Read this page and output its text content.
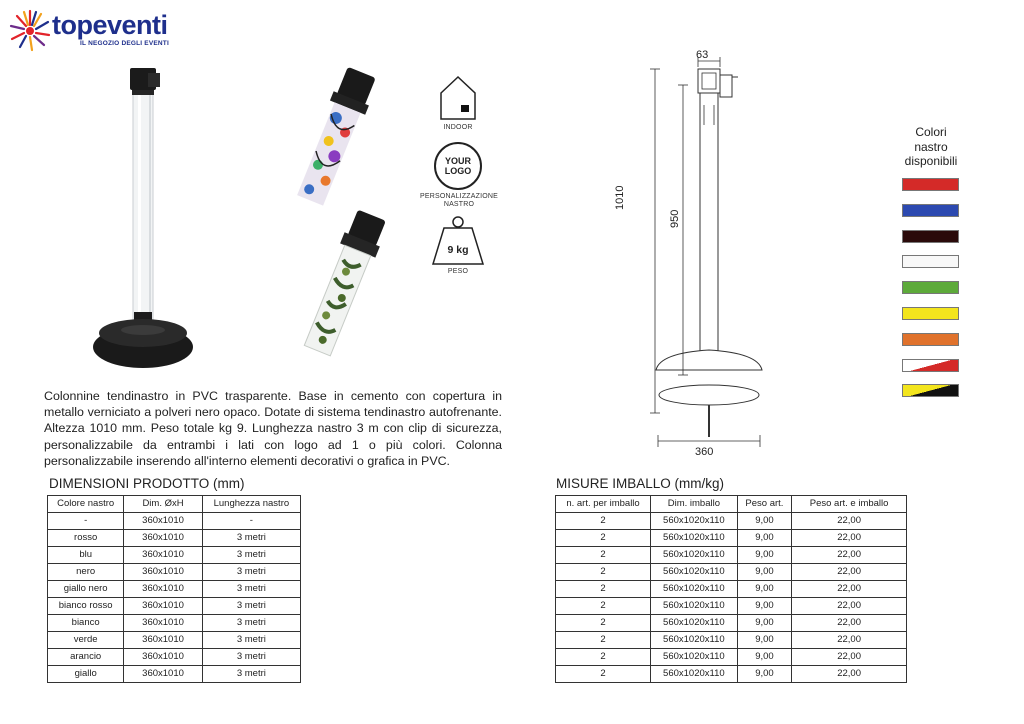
topeventi
IL NEGOZIO DEGLI EVENTI
INDOOR
YOUR
LOGO
PERSONALIZZAZIONE
NASTRO
9 kg
PESO
63
1010
950
360
Colori
nastro
disponibili
Colonnine tendinastro in PVC trasparente. Base in cemento con copertura in metallo verniciato a polveri nero opaco. Dotate di sistema tendinastro autofrenante. Altezza 1010 mm. Peso totale kg 9. Lunghezza nastro 3 m con clip di sicurezza, personalizzabile da entrambi i lati con logo ad 1 o più colori. Colonna personalizzabile inserendo all'interno elementi decorativi o grafica in PVC.
DIMENSIONI PRODOTTO (mm)
Colore nastro	Dim. ØxH	Lunghezza nastro
-	360x1010	-
rosso	360x1010	3 metri
blu	360x1010	3 metri
nero	360x1010	3 metri
giallo nero	360x1010	3 metri
bianco rosso	360x1010	3 metri
bianco	360x1010	3 metri
verde	360x1010	3 metri
arancio	360x1010	3 metri
giallo	360x1010	3 metri
MISURE IMBALLO (mm/kg)
n. art. per imballo	Dim. imballo	Peso art.	Peso art. e imballo
2	560x1020x110	9,00	22,00
2	560x1020x110	9,00	22,00
2	560x1020x110	9,00	22,00
2	560x1020x110	9,00	22,00
2	560x1020x110	9,00	22,00
2	560x1020x110	9,00	22,00
2	560x1020x110	9,00	22,00
2	560x1020x110	9,00	22,00
2	560x1020x110	9,00	22,00
2	560x1020x110	9,00	22,00
